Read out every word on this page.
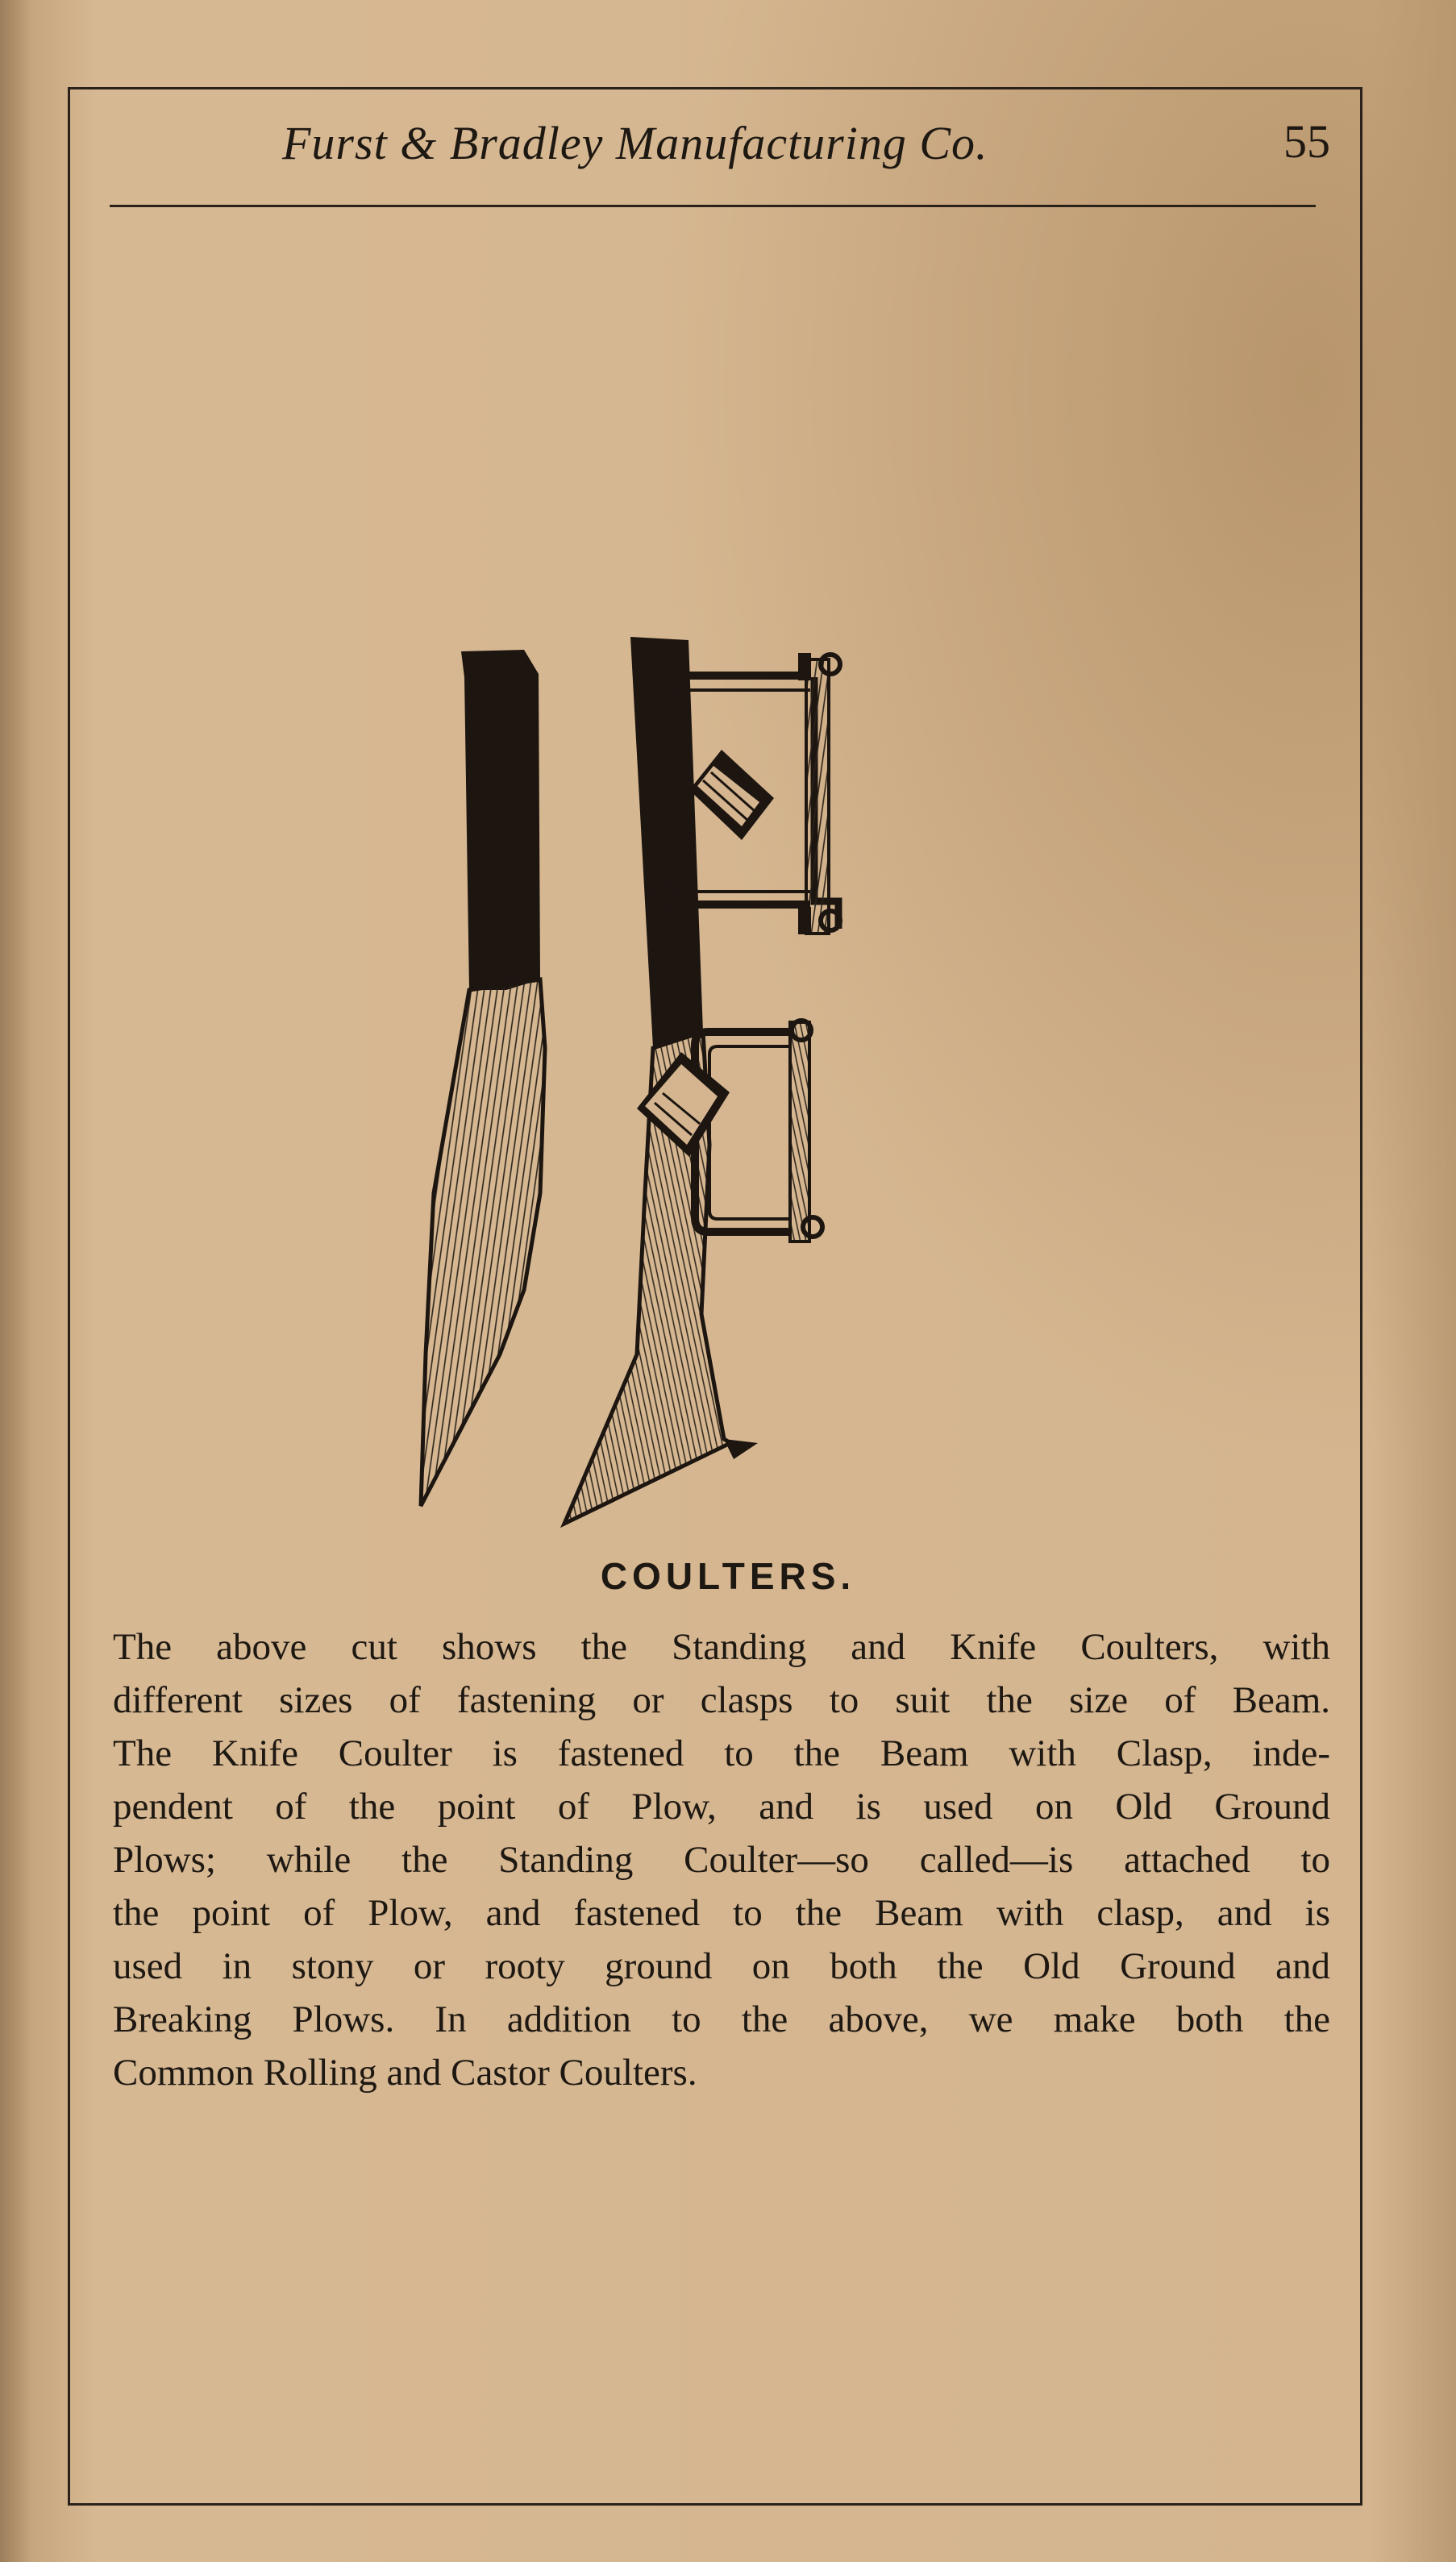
Furst & Bradley Manufacturing Co.	55
COULTERS.
The above cut shows the Standing and Knife Coulters, with
different sizes of fastening or clasps to suit the size of Beam.
The Knife Coulter is fastened to the Beam with Clasp, inde-
pendent of the point of Plow, and is used on Old Ground
Plows; while the Standing Coulter—so called—is attached to
the point of Plow, and fastened to the Beam with clasp, and is
used in stony or rooty ground on both the Old Ground and
Breaking Plows. In addition to the above, we make both the
Common Rolling and Castor Coulters.
